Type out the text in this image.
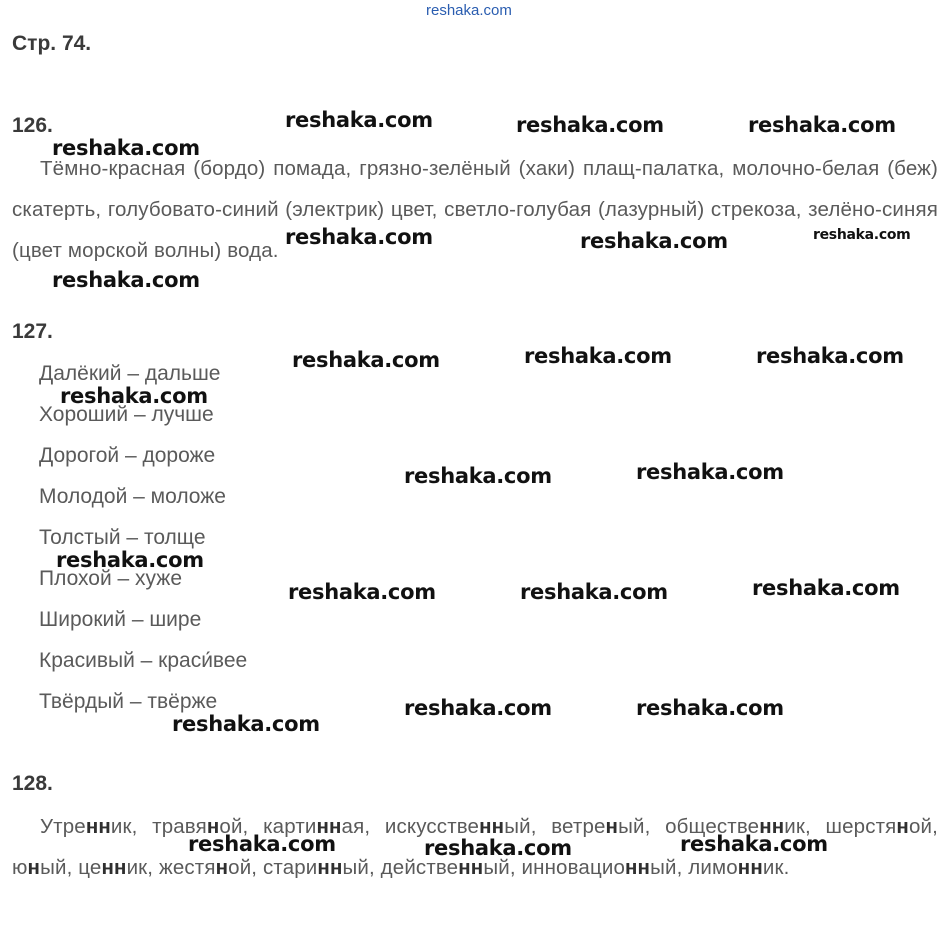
reshaka.com
Стр. 74.
126.
Тёмно-красная (бордо) помада, грязно-зелёный (хаки) плащ-палатка, молочно-белая (беж) скатерть, голубовато-синий (электрик) цвет, светло-голубая (лазурный) стрекоза, зелёно-синяя (цвет морской волны) вода.
127.
Далёкий – дальше
Хороший – лучше
Дорогой – дороже
Молодой – моложе
Толстый – толще
Плохой – хуже
Широкий – шире
Красивый – краси́вее
Твёрдый – твёрже
128.
Утренник, травяной, картинная, искусственный, ветреный, общественник, шерстяной, юный, ценник, жестяной, старинный, действенный, инновационный, лимонник.
reshaka.com	reshaka.com	reshaka.com
reshaka.com
reshaka.com	reshaka.com	reshaka.com
reshaka.com
reshaka.com	reshaka.com	reshaka.com
reshaka.com
reshaka.com	reshaka.com
reshaka.com
reshaka.com	reshaka.com	reshaka.com
reshaka.com	reshaka.com
reshaka.com
reshaka.com	reshaka.com	reshaka.com
